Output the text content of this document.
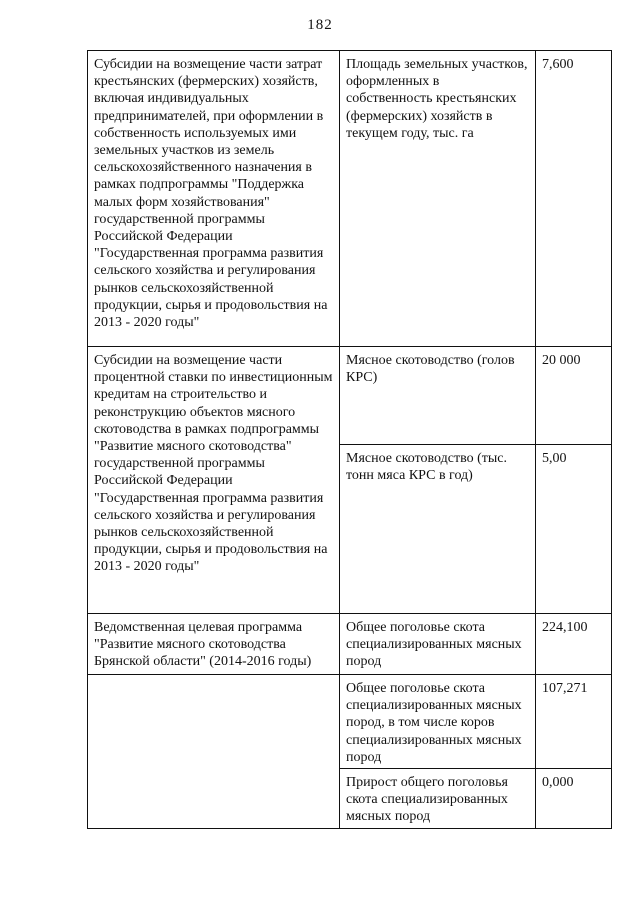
182
Субсидии на возмещение части затрат крестьянских (фермерских) хозяйств, включая индивидуальных предпринимателей, при оформлении в собственность используемых ими земельных участков из земель сельскохозяйственного назначения в рамках подпрограммы "Поддержка малых форм хозяйствования" государственной программы Российской Федерации "Государственная программа развития сельского хозяйства и регулирования рынков сельскохозяйственной продукции, сырья и продовольствия на 2013 - 2020 годы"	Площадь земельных участков, оформленных в собственность крестьянских (фермерских) хозяйств в текущем году, тыс. га	7,600
Субсидии на возмещение части процентной ставки по инвестиционным кредитам на строительство и реконструкцию объектов мясного скотоводства в рамках подпрограммы "Развитие мясного скотоводства" государственной программы Российской Федерации "Государственная программа развития сельского хозяйства и регулирования рынков сельскохозяйственной продукции, сырья и продовольствия на 2013 - 2020 годы"	Мясное скотоводство (голов КРС)	20 000
	Мясное скотоводство (тыс. тонн мяса КРС в год)	5,00
Ведомственная целевая программа "Развитие мясного скотоводства Брянской области" (2014-2016 годы)	Общее поголовье скота специализированных мясных пород	224,100
	Общее поголовье скота специализированных мясных пород, в том числе коров специализированных мясных пород	107,271
	Прирост общего поголовья скота специализированных мясных пород	0,000
